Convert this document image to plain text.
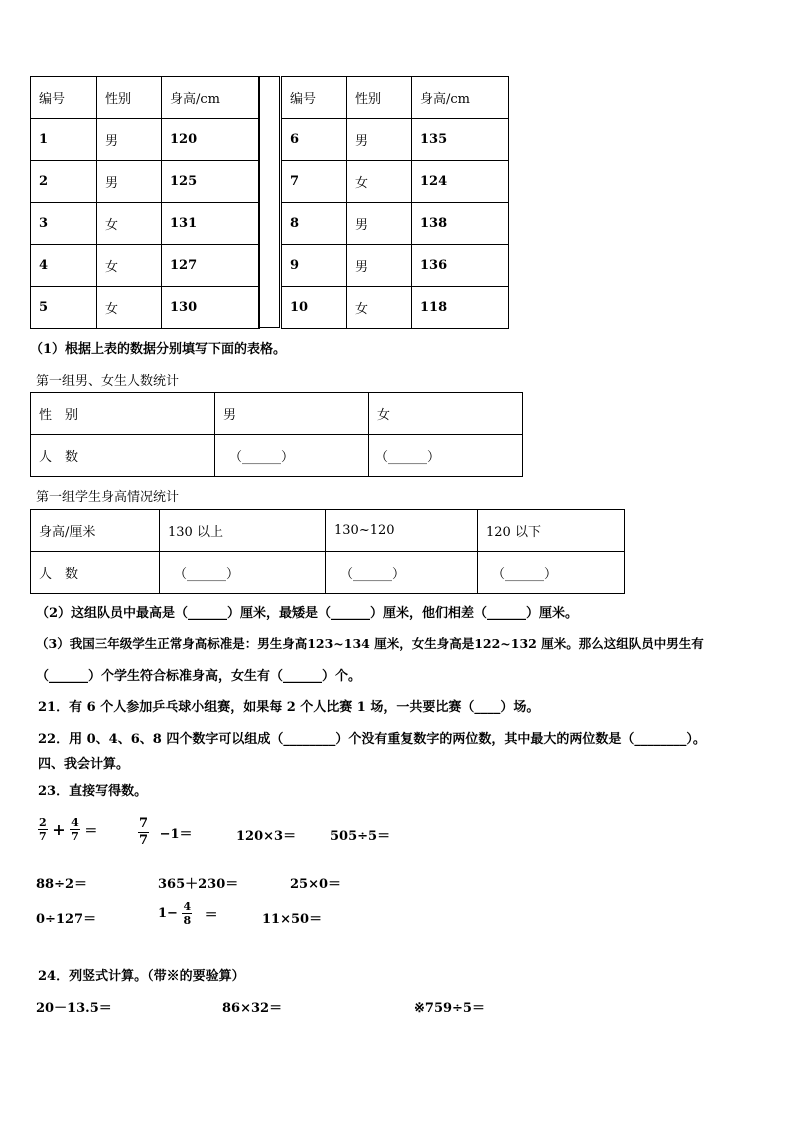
编号	性别	身高/cm
1	男	120
2	男	125
3	女	131
4	女	127
5	女	130
编号	性别	身高/cm
6	男	135
7	女	124
8	男	138
9	男	136
10	女	118
（1）根据上表的数据分别填写下面的表格。
第一组男、女生人数统计
性　别	男	女
人　数	（______）	（______）
第一组学生身高情况统计
身高/厘米	130 以上	130~120	120 以下
人　数	（______）	（______）	（______）
（2）这组队员中最高是（______）厘米，最矮是（______）厘米，他们相差（______）厘米。
（3）我国三年级学生正常身高标准是：男生身高123~134 厘米，女生身高是122~132 厘米。那么这组队员中男生有
（______）个学生符合标准身高，女生有（______）个。
21．有 6 个人参加乒乓球小组赛，如果每 2 个人比赛 1 场，一共要比赛（____）场。
22．用 0、4、6、8 四个数字可以组成（________）个没有重复数字的两位数，其中最大的两位数是（________）。
四、我会计算。
23．直接写得数。
$\frac{2}{7} + \frac{4}{7}$ ＝	$\frac{7}{7} -1=$	120×3＝	505÷5＝
88÷2＝	365＋230＝	25×0＝
0÷127＝	$1- \frac{4}{8}$ ＝	11×50＝
24．列竖式计算。（带※的要验算）
20－13.5＝	86×32＝	※759÷5＝
